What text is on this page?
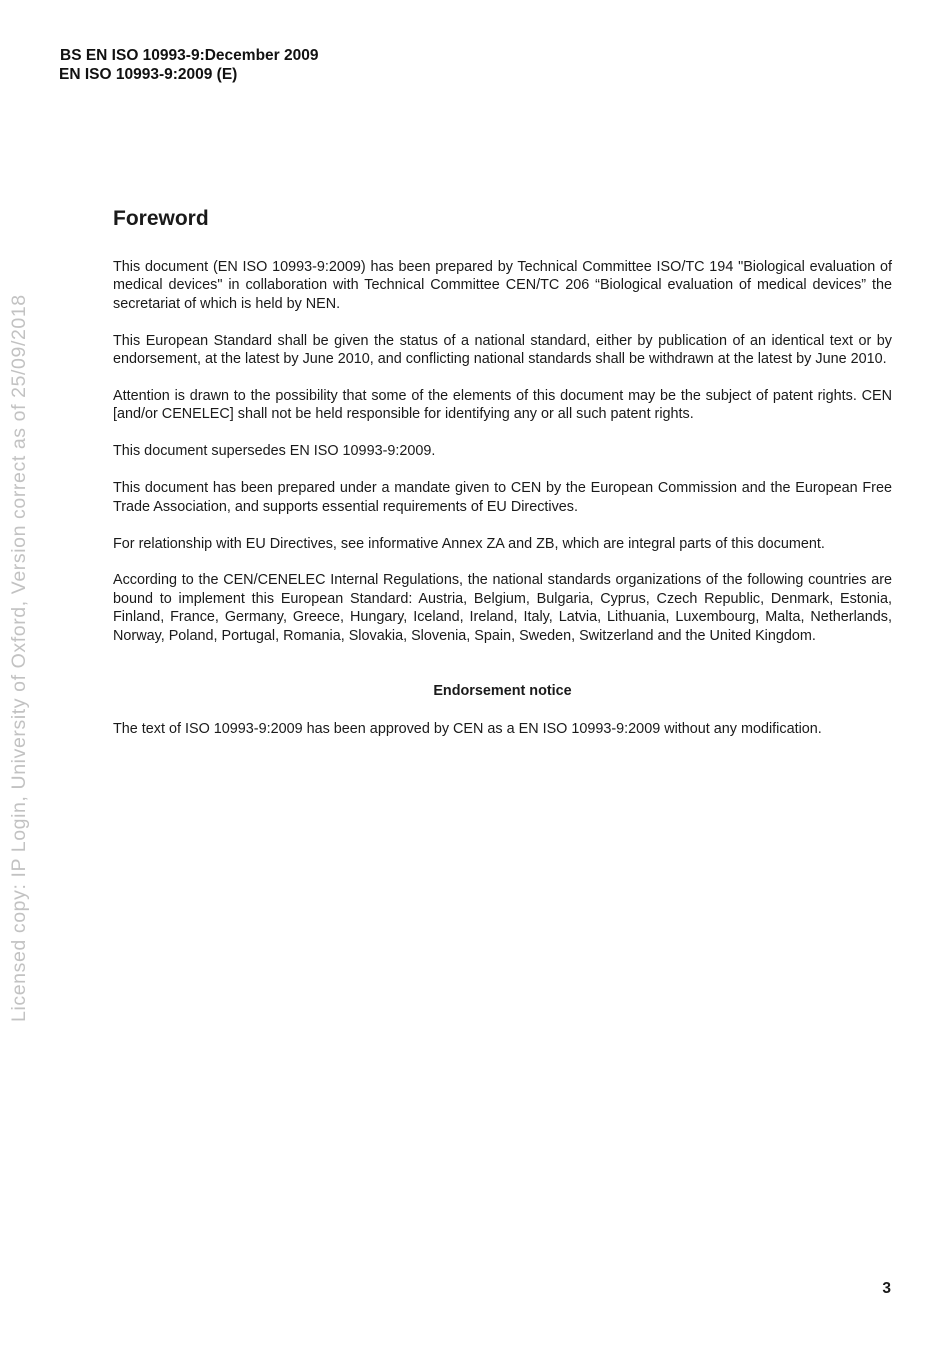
BS EN ISO 10993-9:December 2009
EN ISO 10993-9:2009 (E)
Licensed copy: IP Login, University of Oxford, Version correct as of 25/09/2018
Foreword

This document (EN ISO 10993-9:2009) has been prepared by Technical Committee ISO/TC 194 "Biological evaluation of medical devices" in collaboration with Technical Committee CEN/TC 206 “Biological evaluation of medical devices” the secretariat of which is held by NEN.

This European Standard shall be given the status of a national standard, either by publication of an identical text or by endorsement, at the latest by June 2010, and conflicting national standards shall be withdrawn at the latest by June 2010.

Attention is drawn to the possibility that some of the elements of this document may be the subject of patent rights. CEN [and/or CENELEC] shall not be held responsible for identifying any or all such patent rights.

This document supersedes EN ISO 10993-9:2009.

This document has been prepared under a mandate given to CEN by the European Commission and the European Free Trade Association, and supports essential requirements of EU Directives.

For relationship with EU Directives, see informative Annex ZA and ZB, which are integral parts of this document.

According to the CEN/CENELEC Internal Regulations, the national standards organizations of the following countries are bound to implement this European Standard: Austria, Belgium, Bulgaria, Cyprus, Czech Republic, Denmark, Estonia, Finland, France, Germany, Greece, Hungary, Iceland, Ireland, Italy, Latvia, Lithuania, Luxembourg, Malta, Netherlands, Norway, Poland, Portugal, Romania, Slovakia, Slovenia, Spain, Sweden, Switzerland and the United Kingdom.

Endorsement notice

The text of ISO 10993-9:2009 has been approved by CEN as a EN ISO 10993-9:2009 without any modification.

3
